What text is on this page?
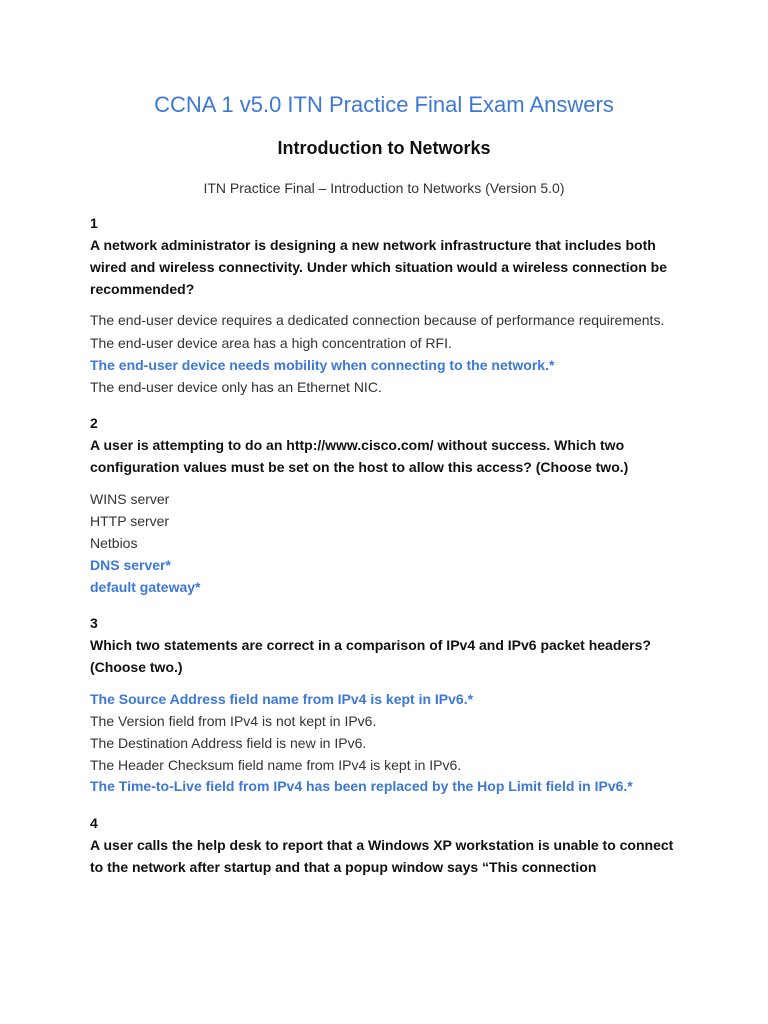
CCNA 1 v5.0 ITN Practice Final Exam Answers
Introduction to Networks

ITN Practice Final – Introduction to Networks (Version 5.0)

1

A network administrator is designing a new network infrastructure that includes both wired and wireless connectivity. Under which situation would a wireless connection be recommended?

The end-user device requires a dedicated connection because of performance requirements.
The end-user device area has a high concentration of RFI.
The end-user device needs mobility when connecting to the network.*
The end-user device only has an Ethernet NIC.
2

A user is attempting to do an http://www.cisco.com/ without success. Which two configuration values must be set on the host to allow this access? (Choose two.)

WINS server
HTTP server
Netbios
DNS server*
default gateway*
3

Which two statements are correct in a comparison of IPv4 and IPv6 packet headers? (Choose two.)

The Source Address field name from IPv4 is kept in IPv6.*
The Version field from IPv4 is not kept in IPv6.
The Destination Address field is new in IPv6.
The Header Checksum field name from IPv4 is kept in IPv6.
The Time-to-Live field from IPv4 has been replaced by the Hop Limit field in IPv6.*
4

A user calls the help desk to report that a Windows XP workstation is unable to connect to the network after startup and that a popup window says “This connection
